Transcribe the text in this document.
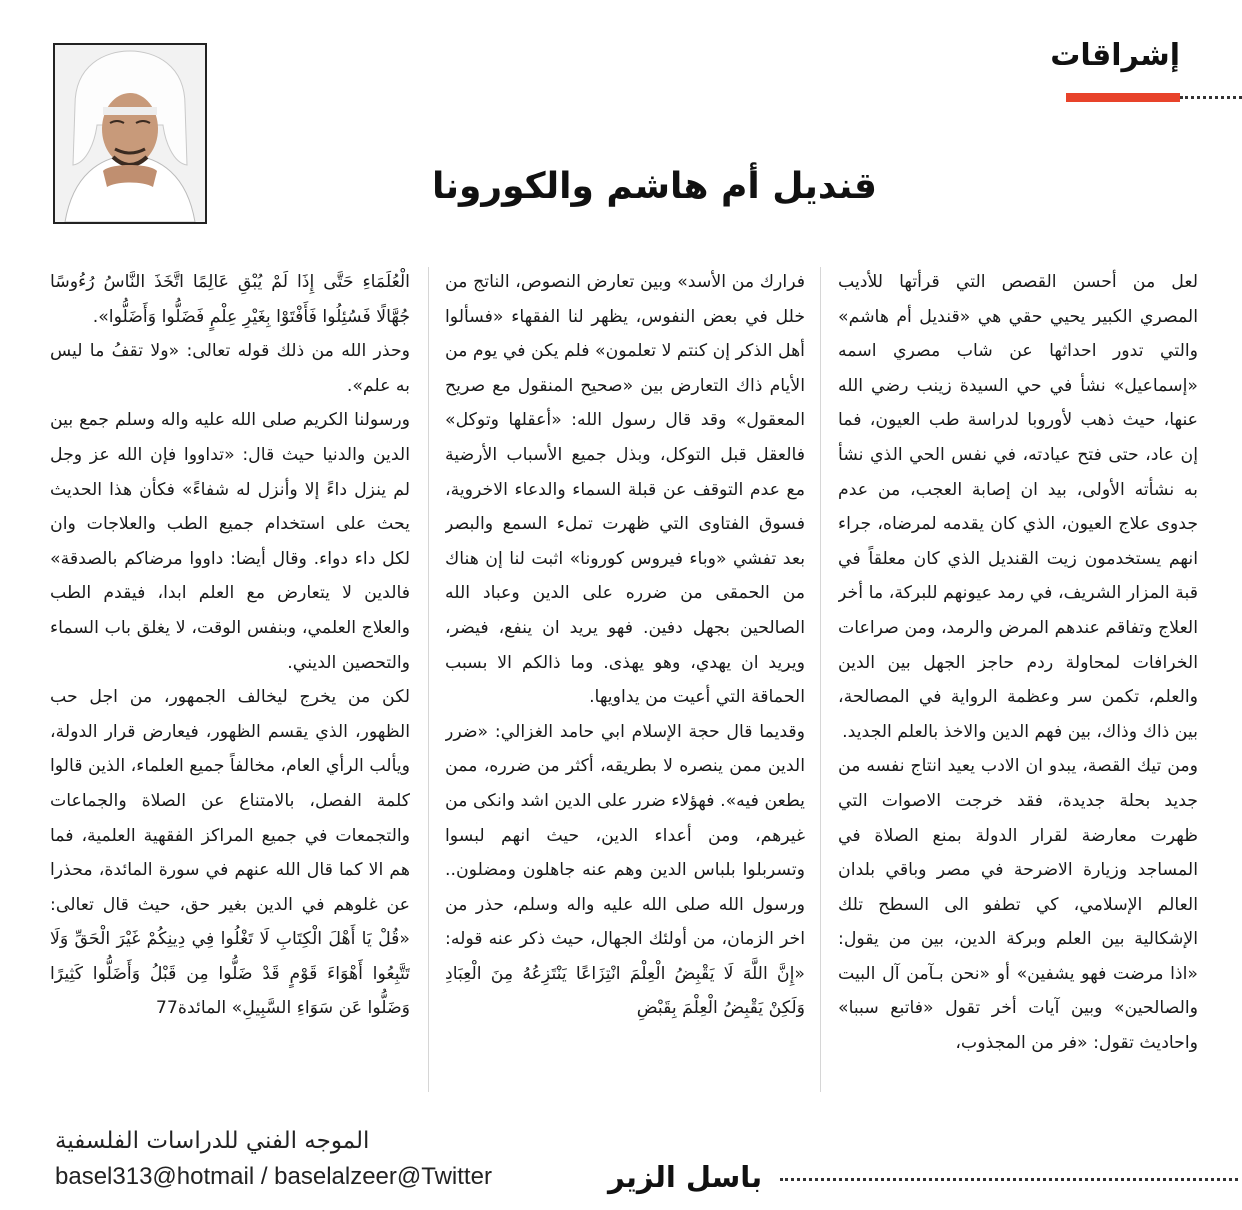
إشراقات
قنديل أم هاشم والكورونا

لعل من أحسن القصص التي قرأتها للأديب المصري الكبير يحيي حقي هي «قنديل أم هاشم» والتي تدور احداثها عن شاب مصري اسمه «إسماعيل» نشأ في حي السيدة زينب رضي الله عنها، حيث ذهب لأوروبا لدراسة طب العيون، فما إن عاد، حتى فتح عيادته، في نفس الحي الذي نشأ به نشأته الأولى، بيد ان إصابة العجب، من عدم جدوى علاج العيون، الذي كان يقدمه لمرضاه، جراء انهم يستخدمون زيت القنديل الذي كان معلقاً في قبة المزار الشريف، في رمد عيونهم للبركة، ما أخر العلاج وتفاقم عندهم المرض والرمد، ومن صراعات الخرافات لمحاولة ردم حاجز الجهل بين الدين والعلم، تكمن سر وعظمة الرواية في المصالحة، بين ذاك وذاك، بين فهم الدين والاخذ بالعلم الجديد.

ومن تيك القصة، يبدو ان الادب يعيد انتاج نفسه من جديد بحلة جديدة، فقد خرجت الاصوات التي ظهرت معارضة لقرار الدولة بمنع الصلاة في المساجد وزيارة الاضرحة في مصر وباقي بلدان العالم الإسلامي، كي تطفو الى السطح تلك الإشكالية بين العلم وبركة الدين، بين من يقول: «اذا مرضت فهو يشفين» أو «نحن بـآمن آل البيت والصالحين» وبين آيات أخر تقول «فاتبع سببا» واحاديث تقول: «فر من المجذوب،

فرارك من الأسد» وبين تعارض النصوص، الناتج من خلل في بعض النفوس، يظهر لنا الفقهاء «فسألوا أهل الذكر إن كنتم لا تعلمون» فلم يكن في يوم من الأيام ذاك التعارض بين «صحيح المنقول مع صريح المعقول» وقد قال رسول الله: «أعقلها وتوكل» فالعقل قبل التوكل، وبذل جميع الأسباب الأرضية مع عدم التوقف عن قبلة السماء والدعاء الاخروية، فسوق الفتاوى التي ظهرت تملء السمع والبصر بعد تفشي «وباء فيروس كورونا» اثبت لنا إن هناك من الحمقى من ضرره على الدين وعباد الله الصالحين بجهل دفين. فهو يريد ان ينفع، فيضر، ويريد ان يهدي، وهو يهذى. وما ذالكم الا بسبب الحماقة التي أعيت من يداويها.

وقديما قال حجة الإسلام ابي حامد الغزالي: «ضرر الدين ممن ينصره لا بطريقه، أكثر من ضرره، ممن يطعن فيه». فهؤلاء ضرر على الدين اشد وانكى من غيرهم، ومن أعداء الدين، حيث انهم لبسوا وتسربلوا بلباس الدين وهم عنه جاهلون ومضلون.. ورسول الله صلى الله عليه واله وسلم، حذر من اخر الزمان، من أولئك الجهال، حيث ذكر عنه قوله: «إِنَّ اللَّهَ لَا يَقْبِضُ الْعِلْمَ انْتِزَاعًا يَنْتَزِعُهُ مِنَ الْعِبَادِ وَلَكِنْ يَقْبِضُ الْعِلْمَ بِقَبْضِ

الْعُلَمَاءِ حَتَّى إِذَا لَمْ يُبْقِ عَالِمًا اتَّخَذَ النَّاسُ رُءُوسًا جُهَّالًا فَسُئِلُوا فَأَفْتَوْا بِغَيْرِ عِلْمٍ فَضَلُّوا وَأَضَلُّوا».

وحذر الله من ذلك قوله تعالى: «ولا تقفُ ما ليس به علم».

ورسولنا الكريم صلى الله عليه واله وسلم جمع بين الدين والدنيا حيث قال: «تداووا فإن الله عز وجل لم ينزل داءً إلا وأنزل له شفاءً» فكأن هذا الحديث يحث على استخدام جميع الطب والعلاجات وان لكل داء دواء. وقال أيضا: داووا مرضاكم بالصدقة» فالدين لا يتعارض مع العلم ابدا، فيقدم الطب والعلاج العلمي، وبنفس الوقت، لا يغلق باب السماء والتحصين الديني.

لكن من يخرج ليخالف الجمهور، من اجل حب الظهور، الذي يقسم الظهور، فيعارض قرار الدولة، ويألب الرأي العام، مخالفاً جميع العلماء، الذين قالوا كلمة الفصل، بالامتناع عن الصلاة والجماعات والتجمعات في جميع المراكز الفقهية العلمية، فما هم الا كما قال الله عنهم في سورة المائدة، محذرا عن غلوهم في الدين بغير حق، حيث قال تعالى: «قُلْ يَا أَهْلَ الْكِتَابِ لَا تَغْلُوا فِي دِينِكُمْ غَيْرَ الْحَقِّ وَلَا تَتَّبِعُوا أَهْوَاءَ قَوْمٍ قَدْ ضَلُّوا مِن قَبْلُ وَأَضَلُّوا كَثِيرًا وَضَلُّوا عَن سَوَاءِ السَّبِيلِ» المائدة77

الموجه الفني للدراسات الفلسفية
basel313@hotmail / baselalzeer@Twitter	باسل الزير
